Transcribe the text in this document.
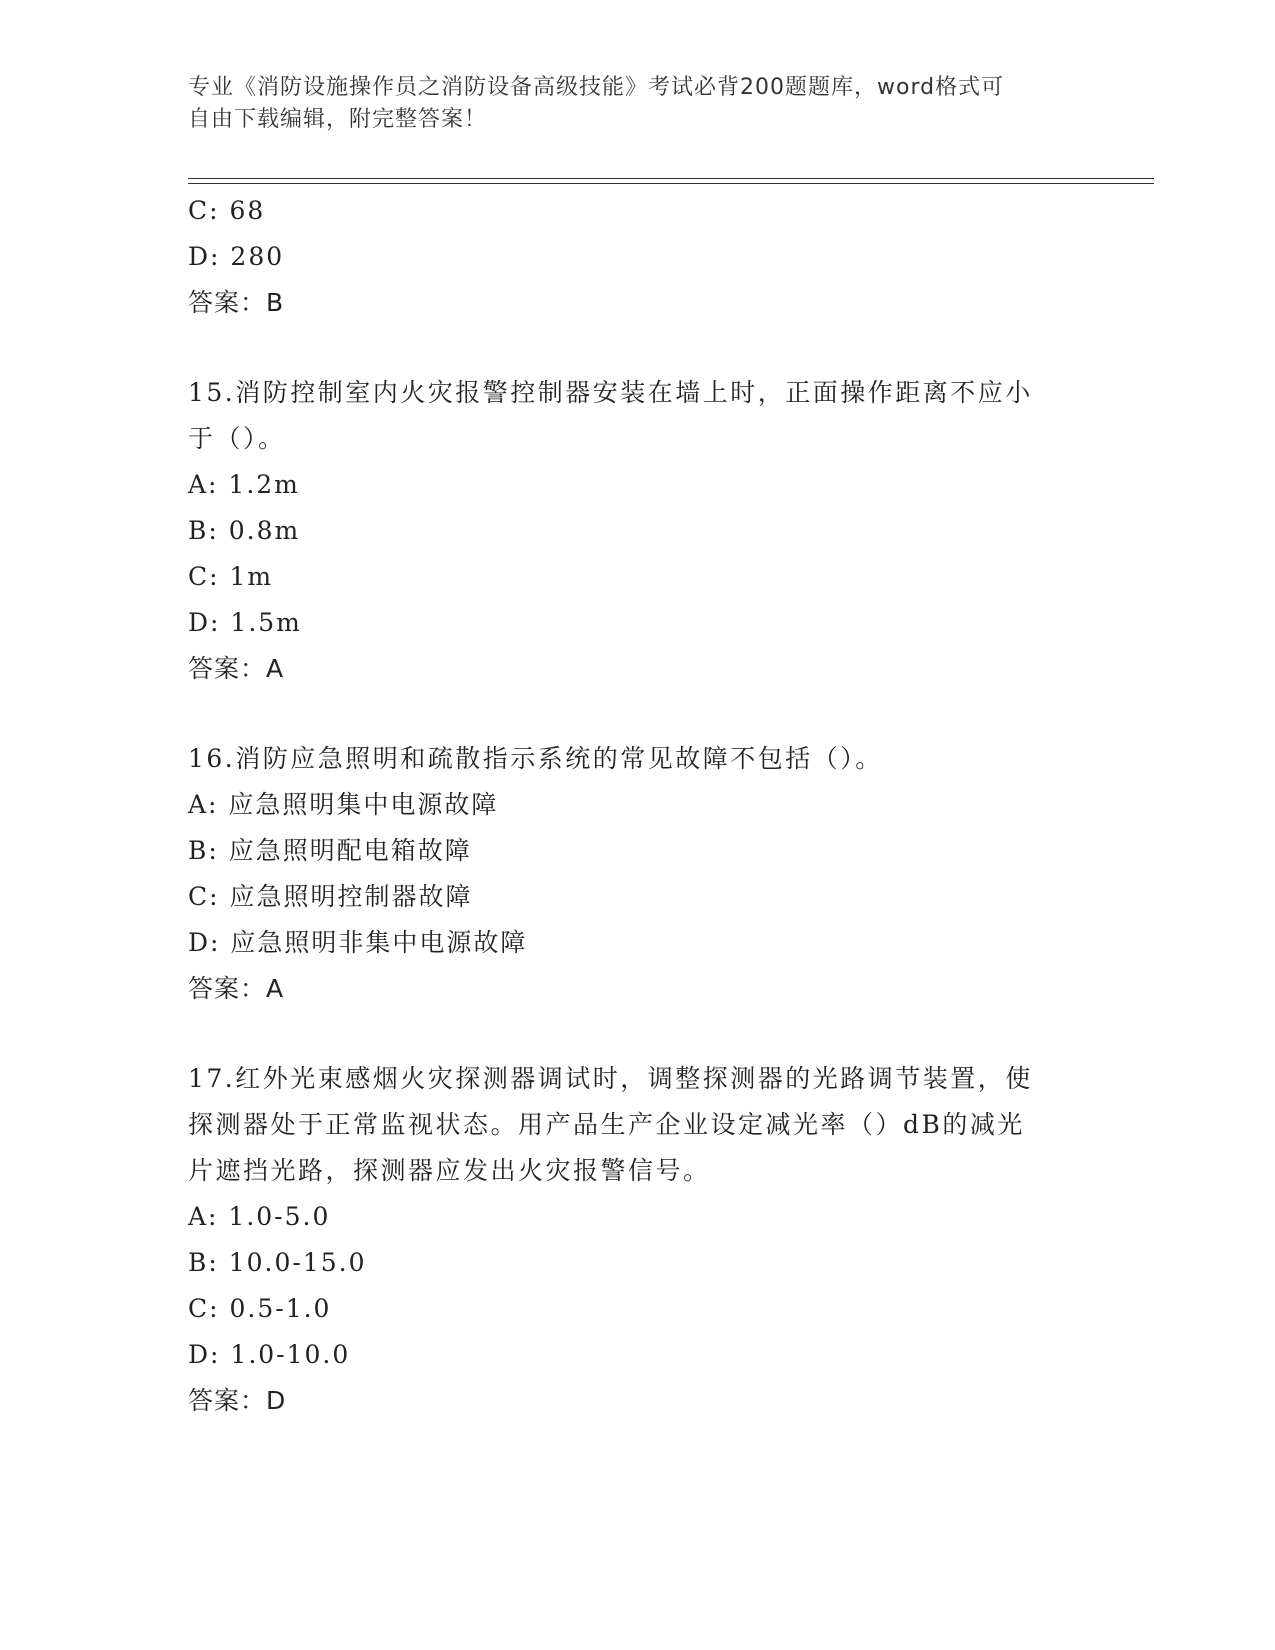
专业《消防设施操作员之消防设备高级技能》考试必背200题题库，word格式可
自由下载编辑，附完整答案！
C: 68
D: 280
答案：B
15.消防控制室内火灾报警控制器安装在墙上时，正面操作距离不应小
于（）。
A: 1.2m
B: 0.8m
C: 1m
D: 1.5m
答案：A
16.消防应急照明和疏散指示系统的常见故障不包括（）。
A: 应急照明集中电源故障
B: 应急照明配电箱故障
C: 应急照明控制器故障
D: 应急照明非集中电源故障
答案：A
17.红外光束感烟火灾探测器调试时，调整探测器的光路调节装置，使
探测器处于正常监视状态。用产品生产企业设定减光率（）dB的减光
片遮挡光路，探测器应发出火灾报警信号。
A: 1.0-5.0
B: 10.0-15.0
C: 0.5-1.0
D: 1.0-10.0
答案：D
